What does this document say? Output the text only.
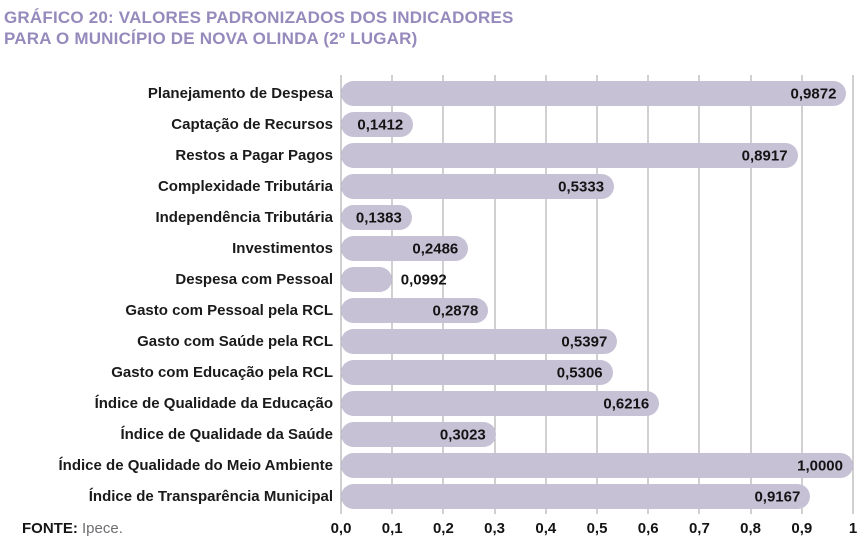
GRÁFICO 20: VALORES PADRONIZADOS DOS INDICADORES
PARA O MUNICÍPIO DE NOVA OLINDA (2º LUGAR)
Planejamento de Despesa
Captação de Recursos
Restos a Pagar Pagos
Complexidade Tributária
Independência Tributária
Investimentos
Despesa com Pessoal
Gasto com Pessoal pela RCL
Gasto com Saúde pela RCL
Gasto com Educação pela RCL
Índice de Qualidade da Educação
Índice de Qualidade da Saúde
Índice de Qualidade do Meio Ambiente
Índice de Transparência Municipal
0,9872
0,1412
0,8917
0,5333
0,1383
0,2486
0,0992
0,2878
0,5397
0,5306
0,6216
0,3023
1,0000
0,9167
0,0 0,1 0,2 0,3 0,4 0,5 0,6 0,7 0,8 0,9 1
FONTE: Ipece.
